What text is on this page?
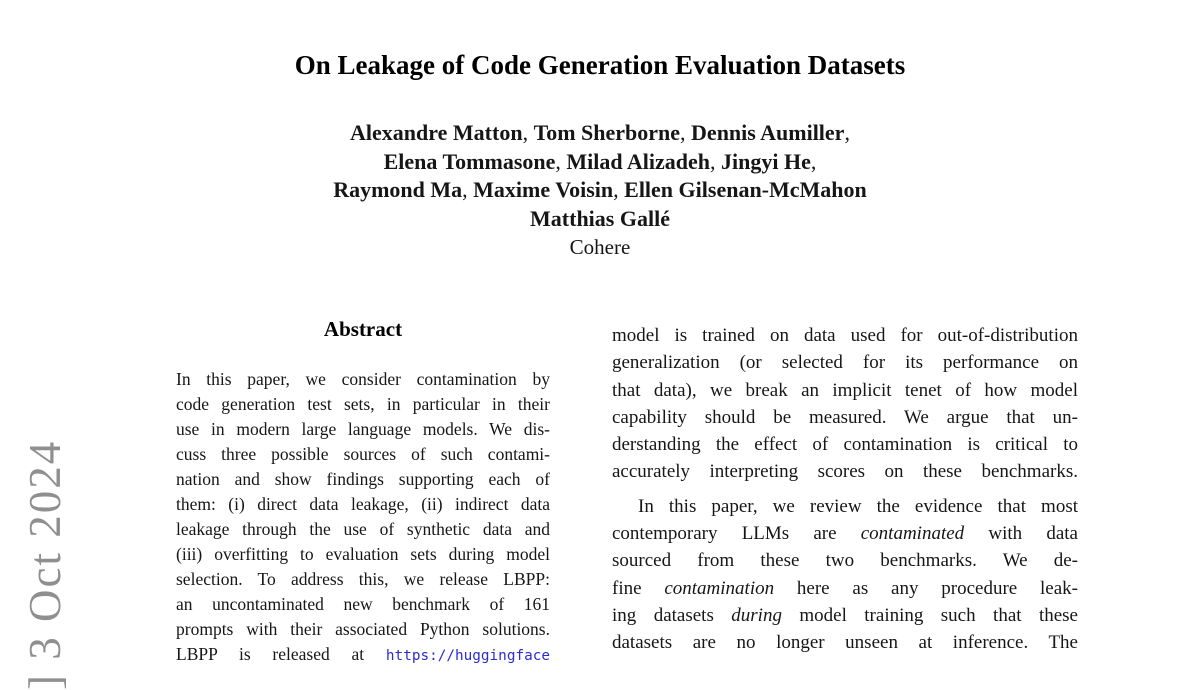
] 3 Oct 2024
On Leakage of Code Generation Evaluation Datasets
Alexandre Matton, Tom Sherborne, Dennis Aumiller,
Elena Tommasone, Milad Alizadeh, Jingyi He,
Raymond Ma, Maxime Voisin, Ellen Gilsenan-McMahon
Matthias Gallé
Cohere
Abstract
In this paper, we consider contamination by
code generation test sets, in particular in their
use in modern large language models. We dis-
cuss three possible sources of such contami-
nation and show findings supporting each of
them: (i) direct data leakage, (ii) indirect data
leakage through the use of synthetic data and
(iii) overfitting to evaluation sets during model
selection. To address this, we release LBPP:
an uncontaminated new benchmark of 161
prompts with their associated Python solutions.
LBPP is released at https://huggingface
model is trained on data used for out-of-distribution
generalization (or selected for its performance on
that data), we break an implicit tenet of how model
capability should be measured. We argue that un-
derstanding the effect of contamination is critical to
accurately interpreting scores on these benchmarks.
In this paper, we review the evidence that most
contemporary LLMs are contaminated with data
sourced from these two benchmarks. We de-
fine contamination here as any procedure leak-
ing datasets during model training such that these
datasets are no longer unseen at inference. The
